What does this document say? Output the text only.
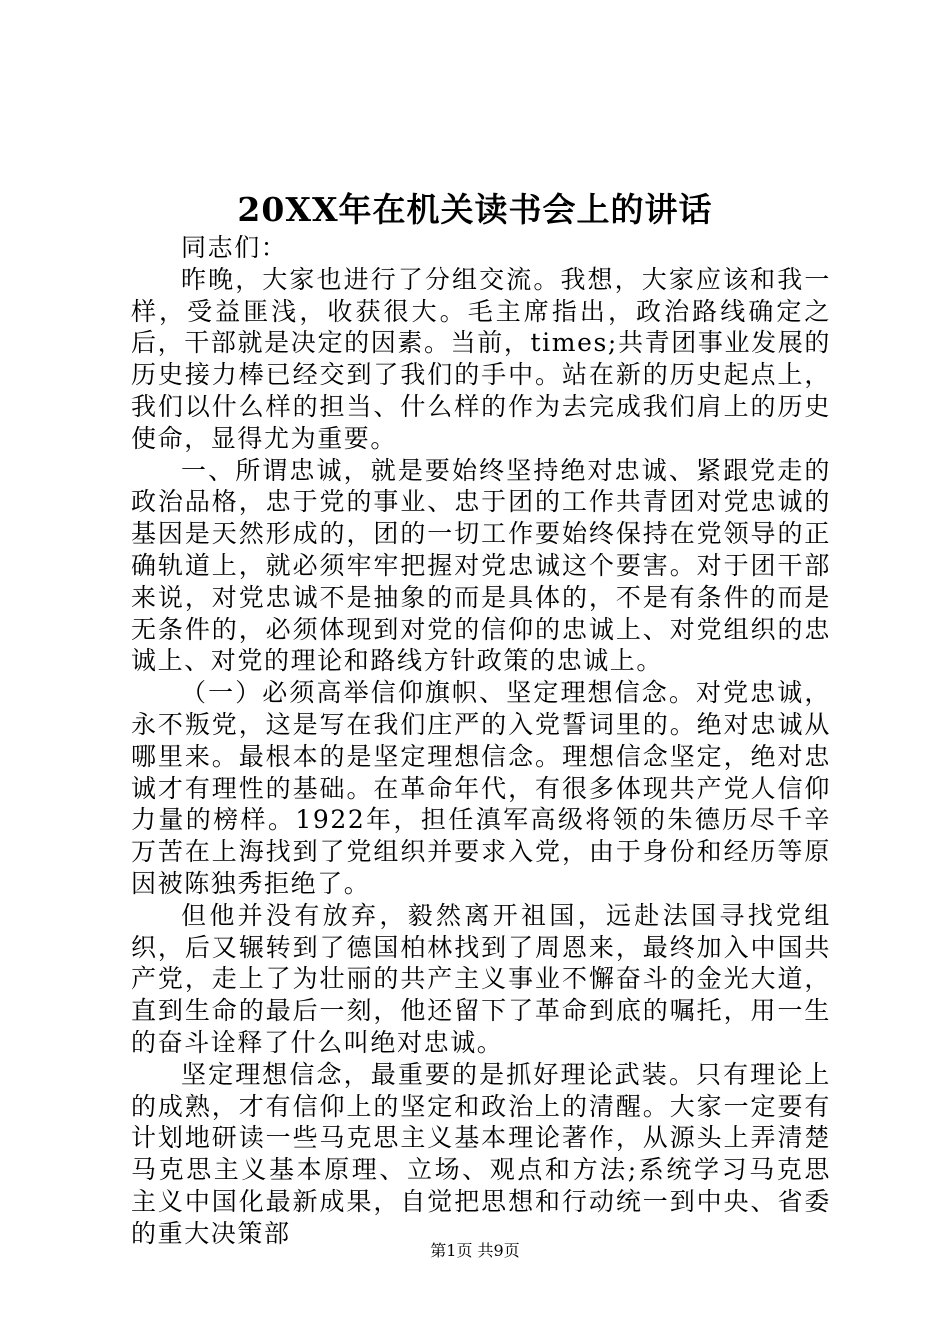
20XX年在机关读书会上的讲话

同志们：

昨晚，大家也进行了分组交流。我想，大家应该和我一样，受益匪浅，收获很大。毛主席指出，政治路线确定之后，干部就是决定的因素。当前，times;共青团事业发展的历史接力棒已经交到了我们的手中。站在新的历史起点上，我们以什么样的担当、什么样的作为去完成我们肩上的历史使命，显得尤为重要。

一、所谓忠诚，就是要始终坚持绝对忠诚、紧跟党走的政治品格，忠于党的事业、忠于团的工作共青团对党忠诚的基因是天然形成的，团的一切工作要始终保持在党领导的正确轨道上，就必须牢牢把握对党忠诚这个要害。对于团干部来说，对党忠诚不是抽象的而是具体的，不是有条件的而是无条件的，必须体现到对党的信仰的忠诚上、对党组织的忠诚上、对党的理论和路线方针政策的忠诚上。

（一）必须高举信仰旗帜、坚定理想信念。对党忠诚，永不叛党，这是写在我们庄严的入党誓词里的。绝对忠诚从哪里来。最根本的是坚定理想信念。理想信念坚定，绝对忠诚才有理性的基础。在革命年代，有很多体现共产党人信仰力量的榜样。1922年，担任滇军高级将领的朱德历尽千辛万苦在上海找到了党组织并要求入党，由于身份和经历等原因被陈独秀拒绝了。

但他并没有放弃，毅然离开祖国，远赴法国寻找党组织，后又辗转到了德国柏林找到了周恩来，最终加入中国共产党，走上了为壮丽的共产主义事业不懈奋斗的金光大道，直到生命的最后一刻，他还留下了革命到底的嘱托，用一生的奋斗诠释了什么叫绝对忠诚。

坚定理想信念，最重要的是抓好理论武装。只有理论上的成熟，才有信仰上的坚定和政治上的清醒。大家一定要有计划地研读一些马克思主义基本理论著作，从源头上弄清楚马克思主义基本原理、立场、观点和方法;系统学习马克思主义中国化最新成果，自觉把思想和行动统一到中央、省委的重大决策部

第1页 共9页
